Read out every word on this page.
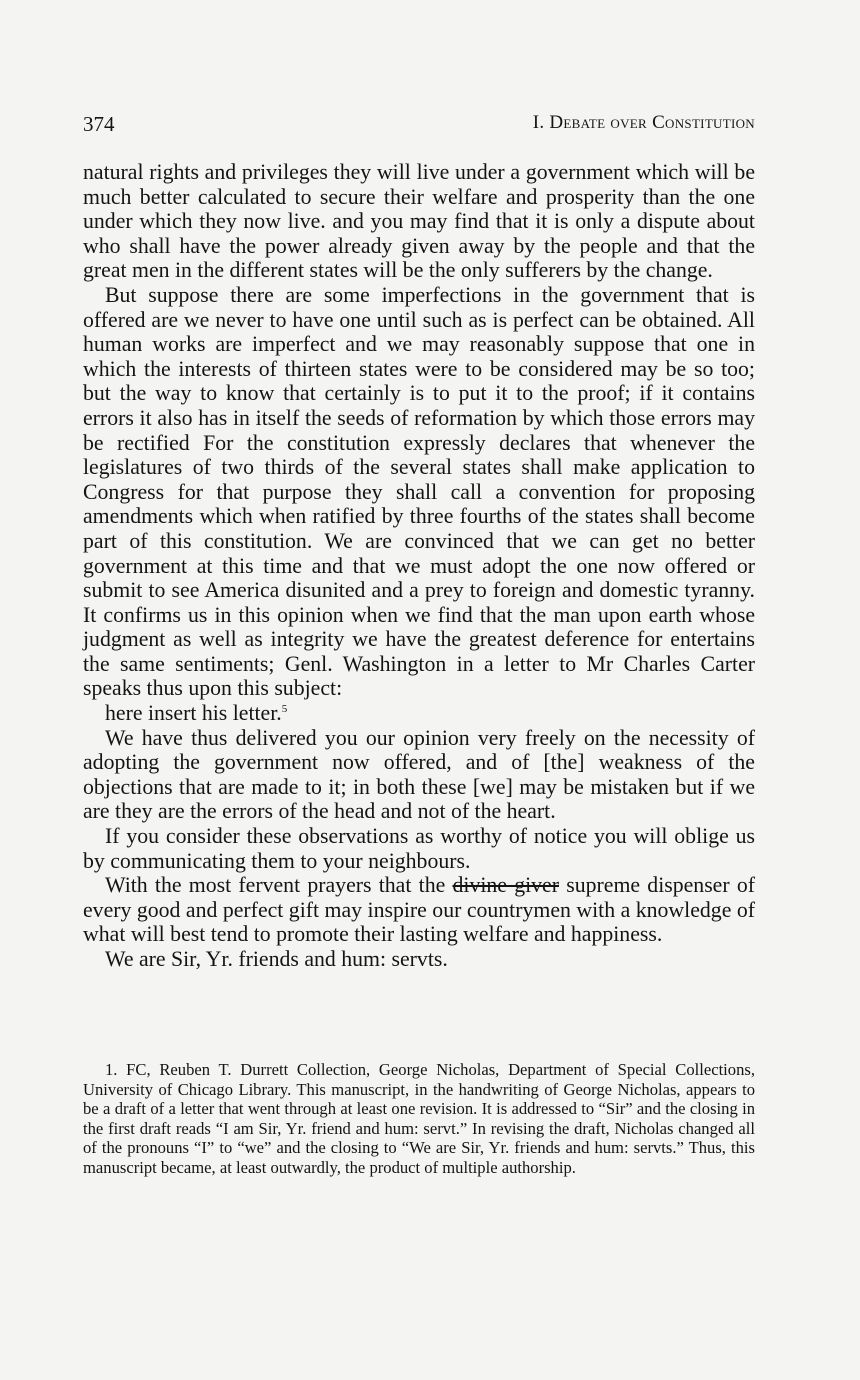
374	I. Debate over Constitution

natural rights and privileges they will live under a government which will be much better calculated to secure their welfare and prosperity than the one under which they now live. and you may find that it is only a dispute about who shall have the power already given away by the people and that the great men in the different states will be the only sufferers by the change.

But suppose there are some imperfections in the government that is offered are we never to have one until such as is perfect can be obtained. All human works are imperfect and we may reasonably suppose that one in which the interests of thirteen states were to be considered may be so too; but the way to know that certainly is to put it to the proof; if it contains errors it also has in itself the seeds of reformation by which those errors may be rectified For the constitution expressly declares that whenever the legislatures of two thirds of the several states shall make application to Congress for that purpose they shall call a convention for proposing amendments which when ratified by three fourths of the states shall become part of this constitution. We are convinced that we can get no better government at this time and that we must adopt the one now offered or submit to see America disunited and a prey to foreign and domestic tyranny. It confirms us in this opinion when we find that the man upon earth whose judgment as well as integrity we have the greatest deference for entertains the same sentiments; Genl. Washington in a letter to Mr Charles Carter speaks thus upon this subject:

here insert his letter.$^5$

We have thus delivered you our opinion very freely on the necessity of adopting the government now offered, and of [the] weakness of the objections that are made to it; in both these [we] may be mistaken but if we are they are the errors of the head and not of the heart.

If you consider these observations as worthy of notice you will oblige us by communicating them to your neighbours.

With the most fervent prayers that the divine giver supreme dispenser of every good and perfect gift may inspire our countrymen with a knowledge of what will best tend to promote their lasting welfare and happiness.

We are Sir, Yr. friends and hum: servts.

1. FC, Reuben T. Durrett Collection, George Nicholas, Department of Special Collections, University of Chicago Library. This manuscript, in the handwriting of George Nicholas, appears to be a draft of a letter that went through at least one revision. It is addressed to “Sir” and the closing in the first draft reads “I am Sir, Yr. friend and hum: servt.” In revising the draft, Nicholas changed all of the pronouns “I” to “we” and the closing to “We are Sir, Yr. friends and hum: servts.” Thus, this manuscript became, at least outwardly, the product of multiple authorship.
